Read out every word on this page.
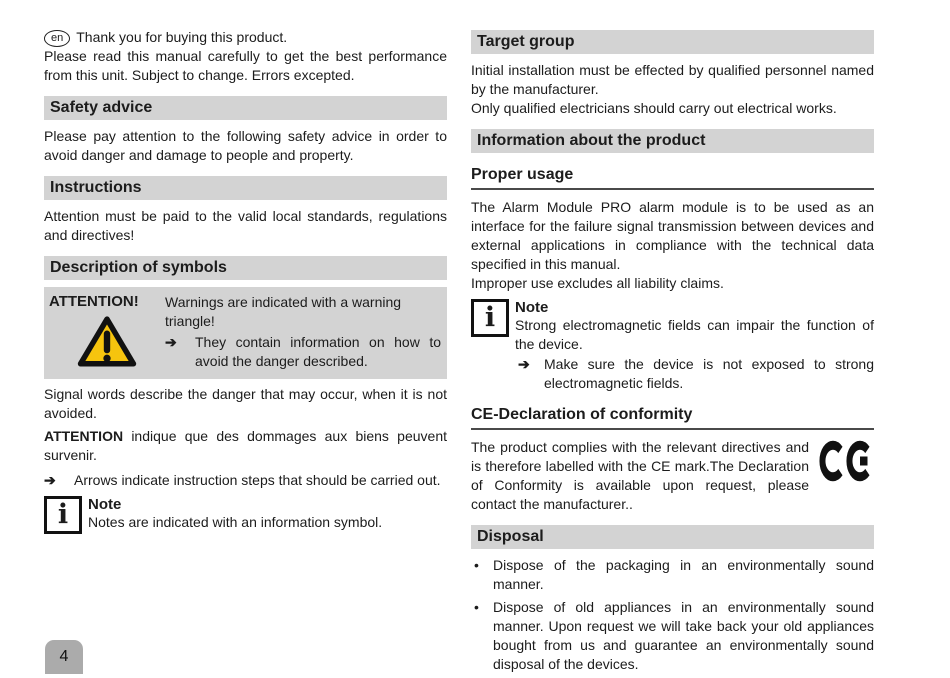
en Thank you for buying this product.

Please read this manual carefully to get the best performance from this unit. Subject to change. Errors excepted.

Safety advice

Please pay attention to the following safety advice in order to avoid danger and damage to people and property.

Instructions

Attention must be paid to the valid local standards, regulations and directives!

Description of symbols
ATTENTION!	Warnings are indicated with a warning triangle!
➔	They contain information on how to avoid the danger described.

Signal words describe the danger that may occur, when it is not avoided.

ATTENTION indique que des dommages aux biens peuvent survenir.

➔	Arrows indicate instruction steps that should be carried out.
i	Note

Notes are indicated with an information symbol.

Target group

Initial installation must be effected by qualified personnel named by the manufacturer.

Only qualified electricians should carry out electrical works.

Information about the product
Proper usage

The Alarm Module PRO alarm module is to be used as an interface for the failure signal transmission between devices and external applications in compliance with the technical data specified in this manual.

Improper use excludes all liability claims.

i	Note

Strong electromagnetic fields can impair the function of the device.

➔	Make sure the device is not exposed to strong electromagnetic fields.
CE-Declaration of conformity

The product complies with the relevant directives and is therefore labelled with the CE mark.The Declaration of Conformity is available upon request, please contact the manufacturer..

Disposal
•	Dispose of the packaging in an environmentally sound manner.
•	Dispose of old appliances in an environmentally sound manner. Upon request we will take back your old appliances bought from us and guarantee an environmentally sound disposal of the devices.
4
